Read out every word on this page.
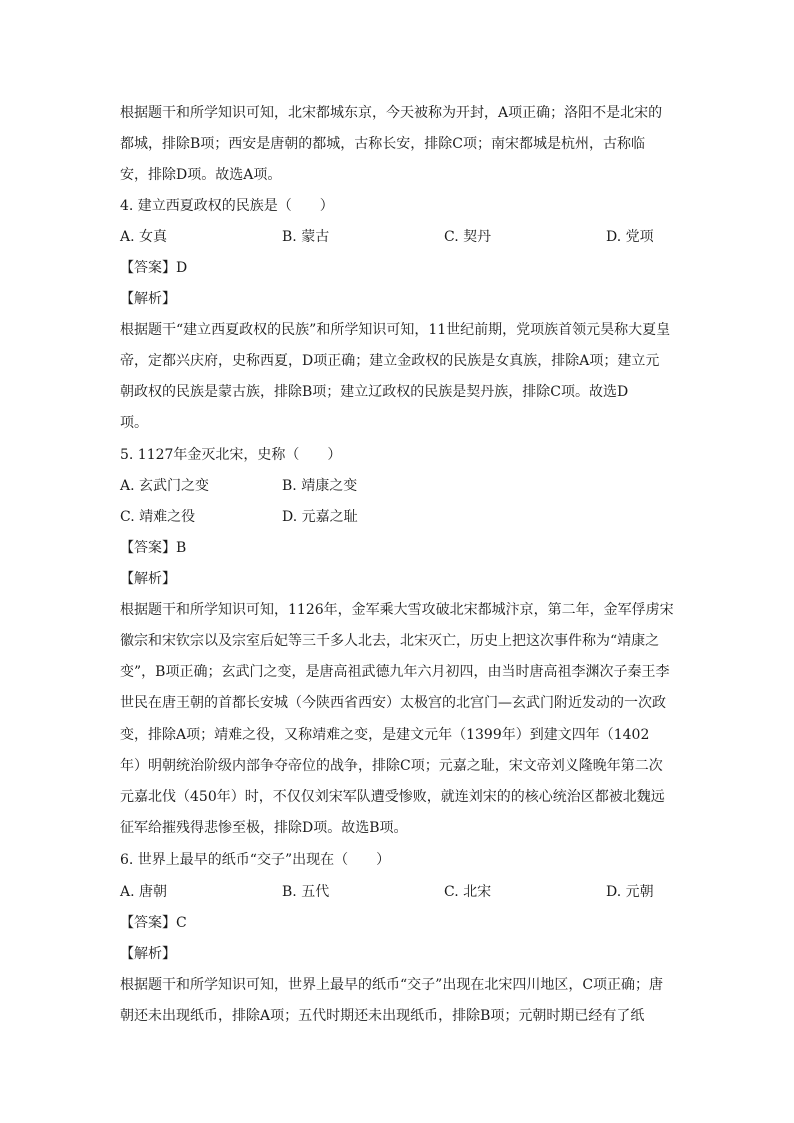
根据题干和所学知识可知，北宋都城东京，今天被称为开封，A项正确；洛阳不是北宋的
都城，排除B项；西安是唐朝的都城，古称长安，排除C项；南宋都城是杭州，古称临
安，排除D项。故选A项。
4. 建立西夏政权的民族是（　　）
A. 女真	B. 蒙古	C. 契丹	D. 党项
【答案】D
【解析】
根据题干“建立西夏政权的民族”和所学知识可知，11世纪前期，党项族首领元昊称大夏皇
帝，定都兴庆府，史称西夏，D项正确；建立金政权的民族是女真族，排除A项；建立元
朝政权的民族是蒙古族，排除B项；建立辽政权的民族是契丹族，排除C项。故选D
项。
5. 1127年金灭北宋，史称（　　）
A. 玄武门之变	B. 靖康之变
C. 靖难之役	D. 元嘉之耻
【答案】B
【解析】
根据题干和所学知识可知，1126年，金军乘大雪攻破北宋都城汴京，第二年，金军俘虏宋
徽宗和宋钦宗以及宗室后妃等三千多人北去，北宋灭亡，历史上把这次事件称为“靖康之
变”，B项正确；玄武门之变，是唐高祖武德九年六月初四，由当时唐高祖李渊次子秦王李
世民在唐王朝的首都长安城（今陕西省西安）太极宫的北宫门—玄武门附近发动的一次政
变，排除A项；靖难之役，又称靖难之变，是建文元年（1399年）到建文四年（1402
年）明朝统治阶级内部争夺帝位的战争，排除C项；元嘉之耻，宋文帝刘义隆晚年第二次
元嘉北伐（450年）时，不仅仅刘宋军队遭受惨败，就连刘宋的的核心统治区都被北魏远
征军给摧残得悲惨至极，排除D项。故选B项。
6. 世界上最早的纸币“交子”出现在（　　）
A. 唐朝	B. 五代	C. 北宋	D. 元朝
【答案】C
【解析】
根据题干和所学知识可知，世界上最早的纸币“交子”出现在北宋四川地区，C项正确；唐
朝还未出现纸币，排除A项；五代时期还未出现纸币，排除B项；元朝时期已经有了纸
